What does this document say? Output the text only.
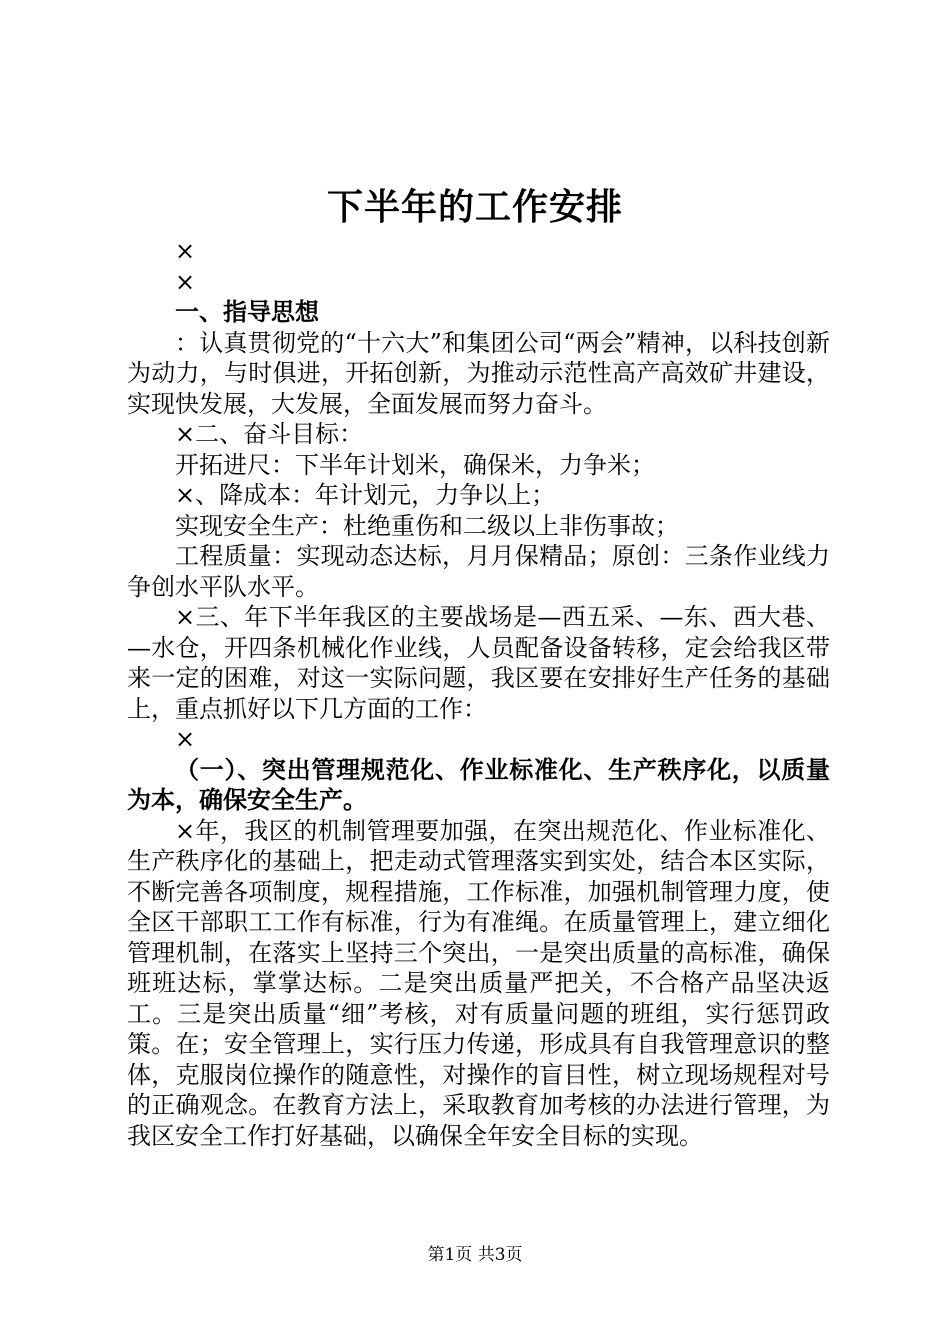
下半年的工作安排

×

×

一、指导思想

：认真贯彻党的“十六大”和集团公司“两会”精神，以科技创新为动力，与时俱进，开拓创新，为推动示范性高产高效矿井建设，实现快发展，大发展，全面发展而努力奋斗。

×二、奋斗目标：

开拓进尺：下半年计划米，确保米，力争米；

×、降成本：年计划元，力争以上；

实现安全生产：杜绝重伤和二级以上非伤事故；

工程质量：实现动态达标，月月保精品；原创：三条作业线力争创水平队水平。

×三、年下半年我区的主要战场是—西五采、—东、西大巷、—水仓，开四条机械化作业线，人员配备设备转移，定会给我区带来一定的困难，对这一实际问题，我区要在安排好生产任务的基础上，重点抓好以下几方面的工作：

×

（一）、突出管理规范化、作业标准化、生产秩序化，以质量为本，确保安全生产。

×年，我区的机制管理要加强，在突出规范化、作业标准化、生产秩序化的基础上，把走动式管理落实到实处，结合本区实际，不断完善各项制度，规程措施，工作标准，加强机制管理力度，使全区干部职工工作有标准，行为有准绳。在质量管理上，建立细化管理机制，在落实上坚持三个突出，一是突出质量的高标准，确保班班达标，掌掌达标。二是突出质量严把关，不合格产品坚决返工。三是突出质量“细”考核，对有质量问题的班组，实行惩罚政策。在；安全管理上，实行压力传递，形成具有自我管理意识的整体，克服岗位操作的随意性，对操作的盲目性，树立现场规程对号的正确观念。在教育方法上，采取教育加考核的办法进行管理，为我区安全工作打好基础，以确保全年安全目标的实现。

第1页 共3页
